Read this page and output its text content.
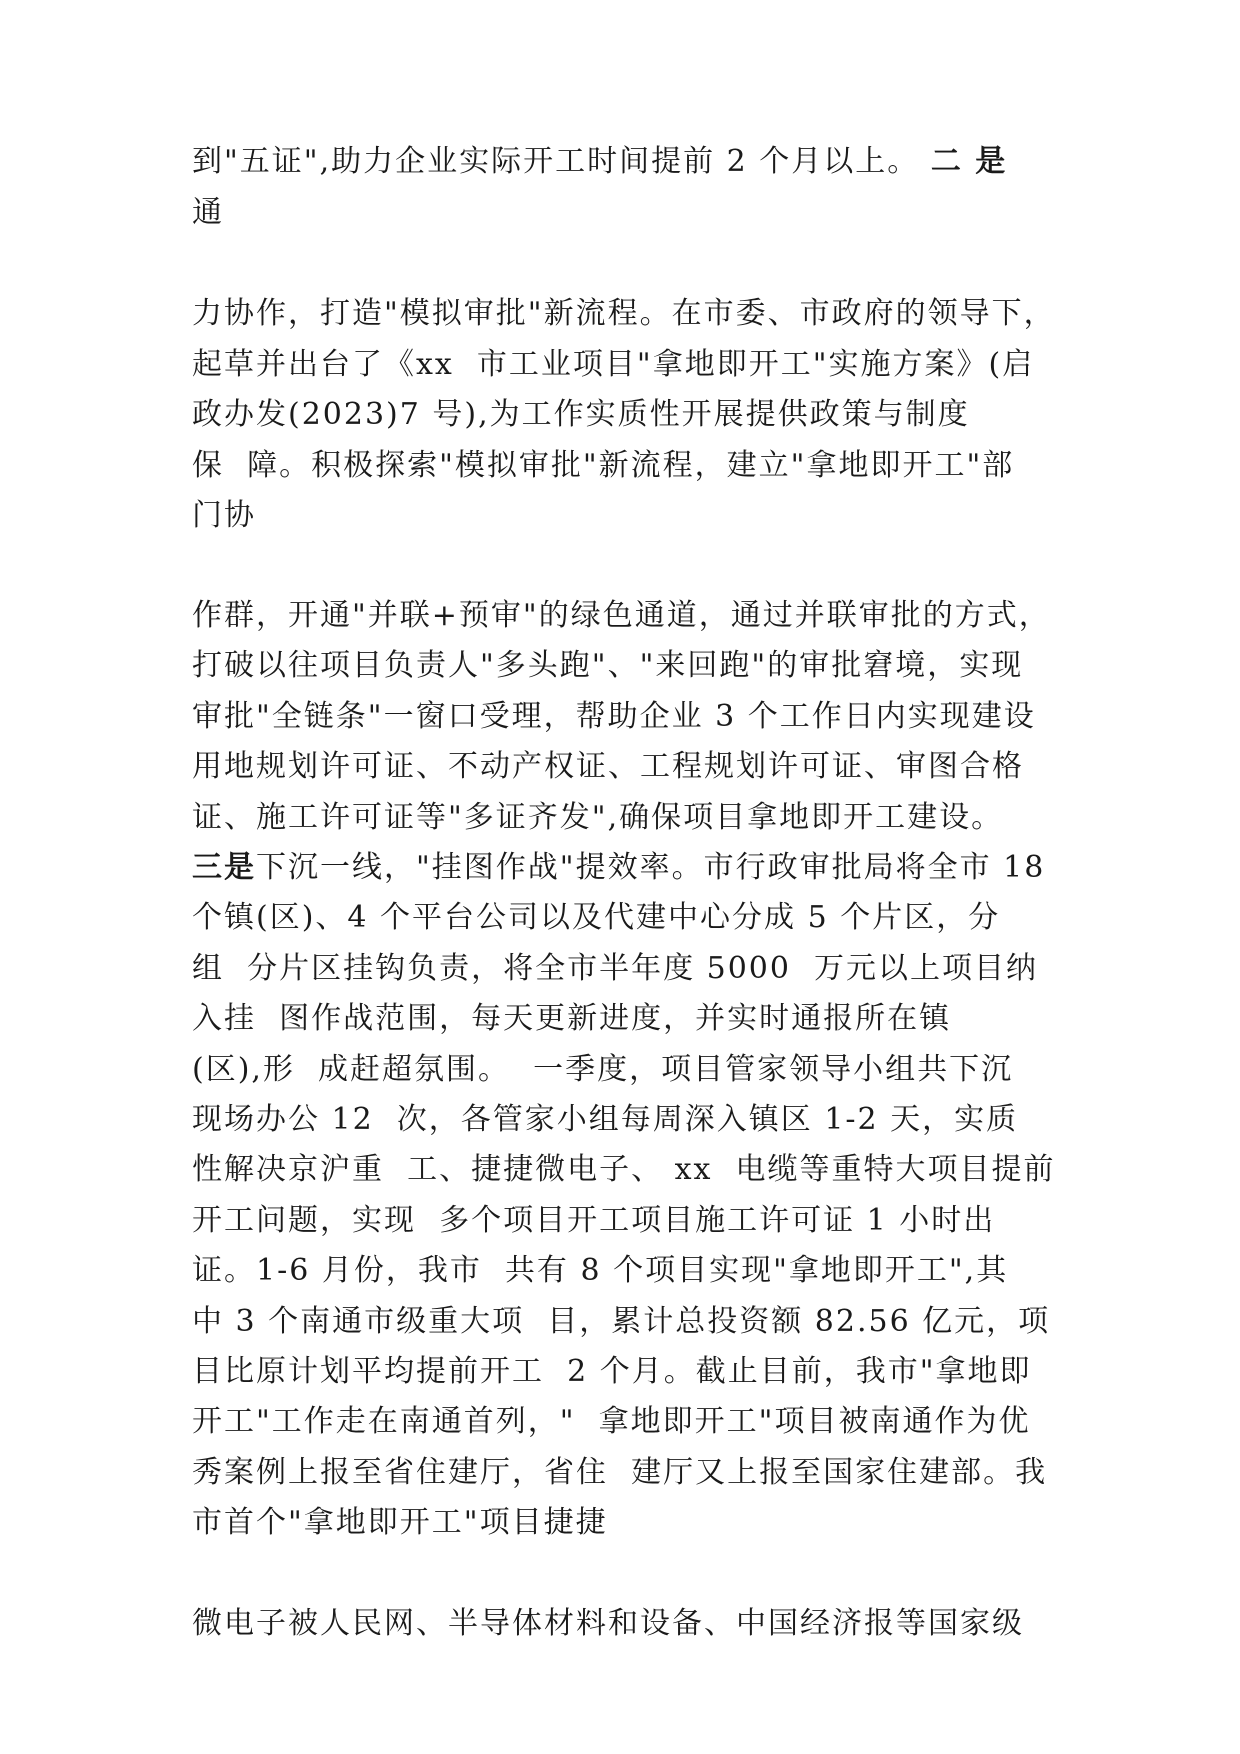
到"五证",助力企业实际开工时间提前 2 个月以上。 二 是
通
力协作，打造"模拟审批"新流程。在市委、市政府的领导下，
起草并出台了《xx  市工业项目"拿地即开工"实施方案》(启
政办发(2023)7 号),为工作实质性开展提供政策与制度
保  障。积极探索"模拟审批"新流程，建立"拿地即开工"部
门协
作群，开通"并联+预审"的绿色通道，通过并联审批的方式，
打破以往项目负责人"多头跑"、"来回跑"的审批窘境，实现
审批"全链条"一窗口受理，帮助企业 3 个工作日内实现建设
用地规划许可证、不动产权证、工程规划许可证、审图合格
证、施工许可证等"多证齐发",确保项目拿地即开工建设。
三是下沉一线，"挂图作战"提效率。市行政审批局将全市 18
个镇(区)、4 个平台公司以及代建中心分成 5 个片区，分
组  分片区挂钩负责，将全市半年度 5000  万元以上项目纳
入挂  图作战范围，每天更新进度，并实时通报所在镇
(区),形  成赶超氛围。  一季度，项目管家领导小组共下沉
现场办公 12  次，各管家小组每周深入镇区 1-2 天，实质
性解决京沪重  工、捷捷微电子、 xx  电缆等重特大项目提前
开工问题，实现  多个项目开工项目施工许可证 1 小时出
证。1-6 月份，我市  共有 8 个项目实现"拿地即开工",其
中 3 个南通市级重大项  目，累计总投资额 82.56 亿元，项
目比原计划平均提前开工  2 个月。截止目前，我市"拿地即
开工"工作走在南通首列，"  拿地即开工"项目被南通作为优
秀案例上报至省住建厅，省住  建厅又上报至国家住建部。我
市首个"拿地即开工"项目捷捷
微电子被人民网、半导体材料和设备、中国经济报等国家级
